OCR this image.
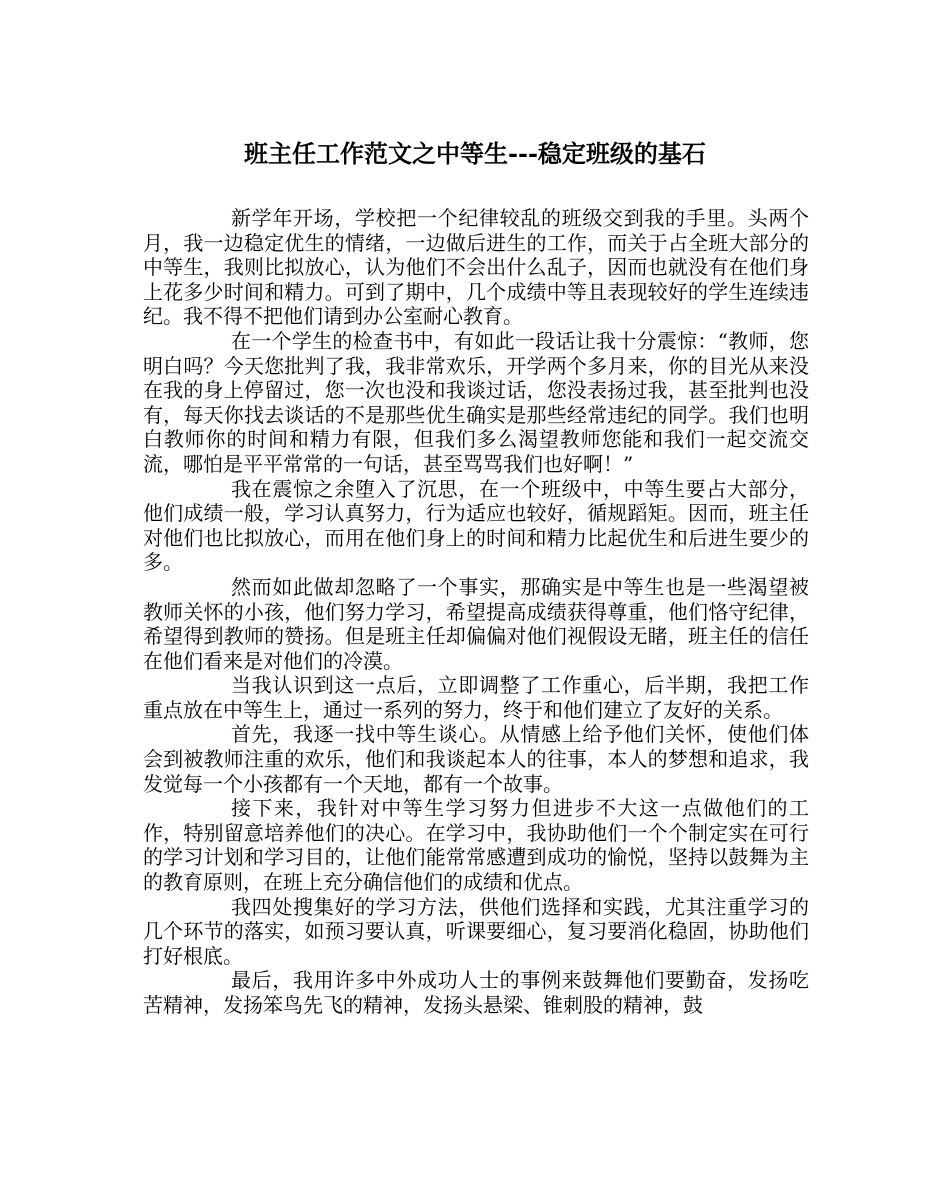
班主任工作范文之中等生---稳定班级的基石

新学年开场，学校把一个纪律较乱的班级交到我的手里。头两个月，我一边稳定优生的情绪，一边做后进生的工作，而关于占全班大部分的中等生，我则比拟放心，认为他们不会出什么乱子，因而也就没有在他们身上花多少时间和精力。可到了期中，几个成绩中等且表现较好的学生连续违纪。我不得不把他们请到办公室耐心教育。

在一个学生的检查书中，有如此一段话让我十分震惊：“教师，您明白吗？今天您批判了我，我非常欢乐，开学两个多月来，你的目光从来没在我的身上停留过，您一次也没和我谈过话，您没表扬过我，甚至批判也没有，每天你找去谈话的不是那些优生确实是那些经常违纪的同学。我们也明白教师你的时间和精力有限，但我们多么渴望教师您能和我们一起交流交流，哪怕是平平常常的一句话，甚至骂骂我们也好啊！”

我在震惊之余堕入了沉思，在一个班级中，中等生要占大部分，他们成绩一般，学习认真努力，行为适应也较好，循规蹈矩。因而，班主任对他们也比拟放心，而用在他们身上的时间和精力比起优生和后进生要少的多。

然而如此做却忽略了一个事实，那确实是中等生也是一些渴望被教师关怀的小孩，他们努力学习，希望提高成绩获得尊重，他们恪守纪律，希望得到教师的赞扬。但是班主任却偏偏对他们视假设无睹，班主任的信任在他们看来是对他们的冷漠。

当我认识到这一点后，立即调整了工作重心，后半期，我把工作重点放在中等生上，通过一系列的努力，终于和他们建立了友好的关系。

首先，我逐一找中等生谈心。从情感上给予他们关怀，使他们体会到被教师注重的欢乐，他们和我谈起本人的往事，本人的梦想和追求，我发觉每一个小孩都有一个天地，都有一个故事。

接下来，我针对中等生学习努力但进步不大这一点做他们的工作，特别留意培养他们的决心。在学习中，我协助他们一个个制定实在可行的学习计划和学习目的，让他们能常常感遭到成功的愉悦，坚持以鼓舞为主的教育原则，在班上充分确信他们的成绩和优点。

我四处搜集好的学习方法，供他们选择和实践，尤其注重学习的几个环节的落实，如预习要认真，听课要细心，复习要消化稳固，协助他们打好根底。

最后，我用许多中外成功人士的事例来鼓舞他们要勤奋，发扬吃苦精神，发扬笨鸟先飞的精神，发扬头悬梁、锥刺股的精神，鼓
